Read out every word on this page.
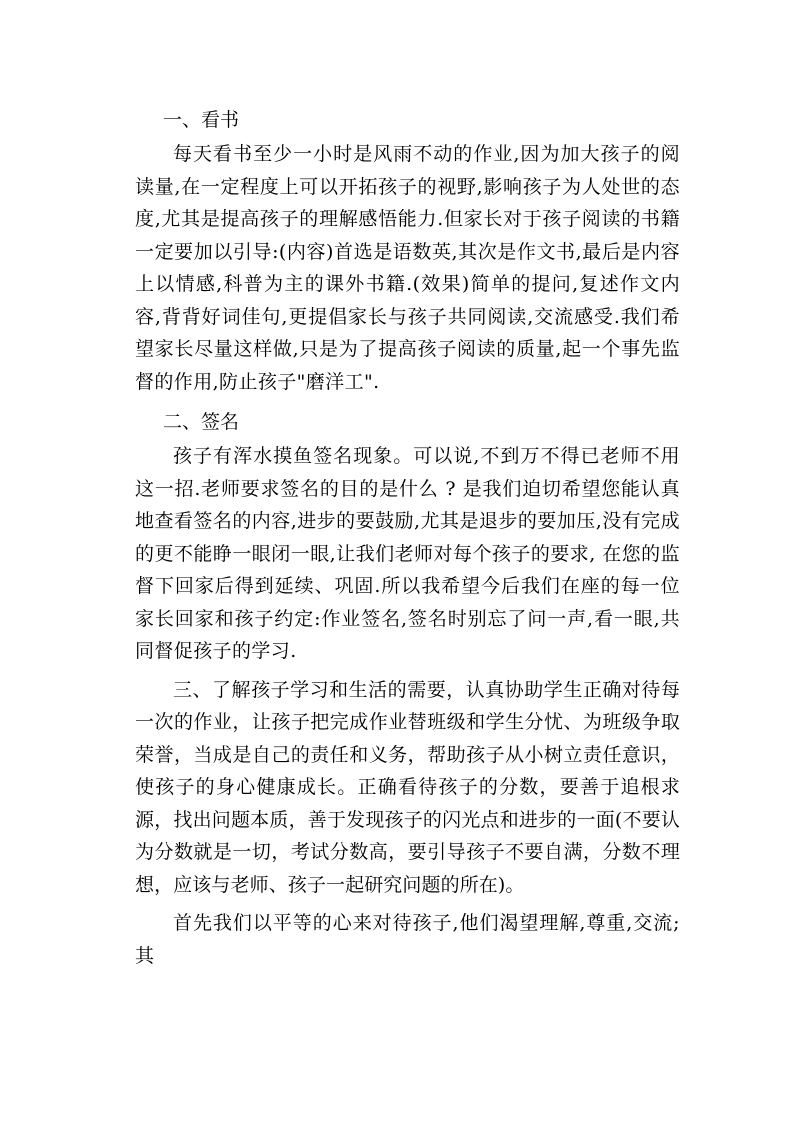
一、看书

每天看书至少一小时是风雨不动的作业,因为加大孩子的阅读量,在一定程度上可以开拓孩子的视野,影响孩子为人处世的态度,尤其是提高孩子的理解感悟能力.但家长对于孩子阅读的书籍一定要加以引导:(内容)首选是语数英,其次是作文书,最后是内容上以情感,科普为主的课外书籍.(效果)简单的提问,复述作文内容,背背好词佳句,更提倡家长与孩子共同阅读,交流感受.我们希望家长尽量这样做,只是为了提高孩子阅读的质量,起一个事先监督的作用,防止孩子"磨洋工".

二、签名

孩子有浑水摸鱼签名现象。可以说,不到万不得已老师不用这一招.老师要求签名的目的是什么 ? 是我们迫切希望您能认真地查看签名的内容,进步的要鼓励,尤其是退步的要加压,没有完成的更不能睁一眼闭一眼,让我们老师对每个孩子的要求, 在您的监督下回家后得到延续、巩固.所以我希望今后我们在座的每一位家长回家和孩子约定:作业签名,签名时别忘了问一声,看一眼,共同督促孩子的学习.

三、了解孩子学习和生活的需要，认真协助学生正确对待每一次的作业，让孩子把完成作业替班级和学生分忧、为班级争取荣誉，当成是自己的责任和义务，帮助孩子从小树立责任意识，使孩子的身心健康成长。正确看待孩子的分数，要善于追根求源，找出问题本质，善于发现孩子的闪光点和进步的一面(不要认为分数就是一切，考试分数高，要引导孩子不要自满，分数不理想，应该与老师、孩子一起研究问题的所在)。

首先我们以平等的心来对待孩子,他们渴望理解,尊重,交流;其
